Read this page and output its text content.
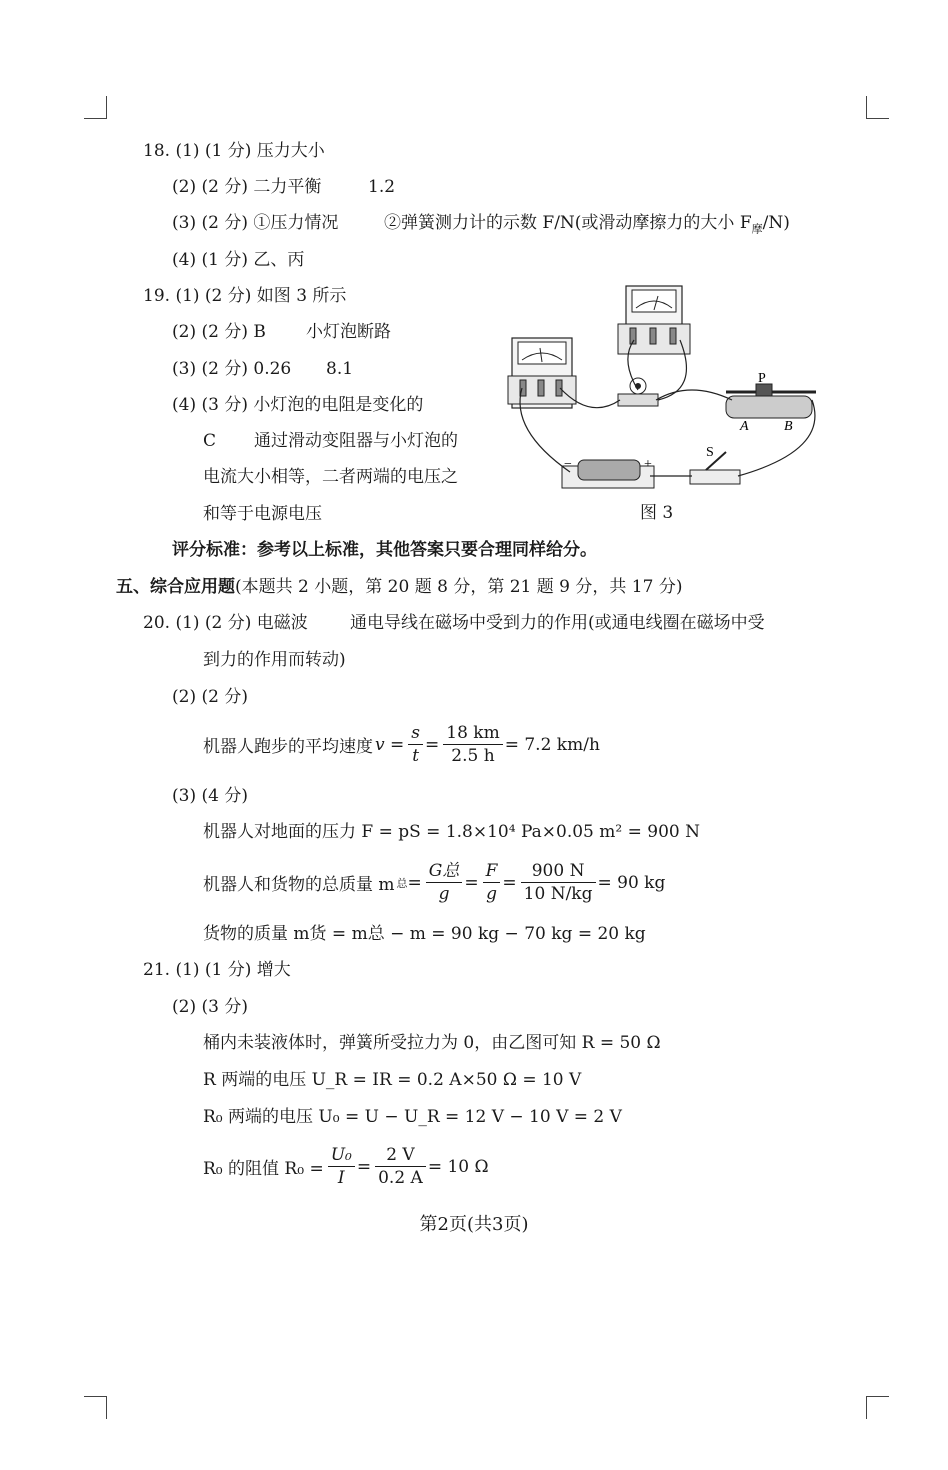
18. (1) (1 分) 压力大小
(2) (2 分) 二力平衡	1.2
(3) (2 分) ①压力情况	②弹簧测力计的示数 F/N(或滑动摩擦力的大小 $F_摩/N$)
(4) (1 分) 乙、丙
19. (1) (2 分) 如图 3 所示
(2) (2 分) B 小灯泡断路
(3) (2 分) 0.26 8.1
(4) (3 分) 小灯泡的电阻是变化的
C 通过滑动变阻器与小灯泡的
电流大小相等，二者两端的电压之
和等于电源电压
P
A	B
S
−	+
图 3
评分标准：参考以上标准，其他答案只要合理同样给分。
五、综合应用题(本题共 2 小题，第 20 题 8 分，第 21 题 9 分，共 17 分)
20. (1) (2 分) 电磁波 通电导线在磁场中受到力的作用(或通电线圈在磁场中受
到力的作用而转动)
(2) (2 分)
机器人跑步的平均速度 $v = \frac{s}{t} = \frac{18 km}{2.5 h} = 7.2$ km/h
(3) (4 分)
机器人对地面的压力 F = pS = 1.8×10⁴ Pa×0.05 m² = 900 N
机器人和货物的总质量 m 总 = $\frac{\text{G总}}{g} = \frac{F}{g} = \frac{900 N}{10 N/kg} = 90$ kg
货物的质量 m货 = m总 − m = 90 kg − 70 kg = 20 kg
21. (1) (1 分) 增大
(2) (3 分)
桶内未装液体时，弹簧所受拉力为 0，由乙图可知 R = 50 Ω
R 两端的电压 U_R = IR = 0.2 A×50 Ω = 10 V
R₀ 两端的电压 U₀ = U − U_R = 12 V − 10 V = 2 V
R₀ 的阻值 $R_0 = \frac{\text{U₀}}{I} = \frac{2 V}{0.2 A} = 10$ Ω
第2页(共3页)
